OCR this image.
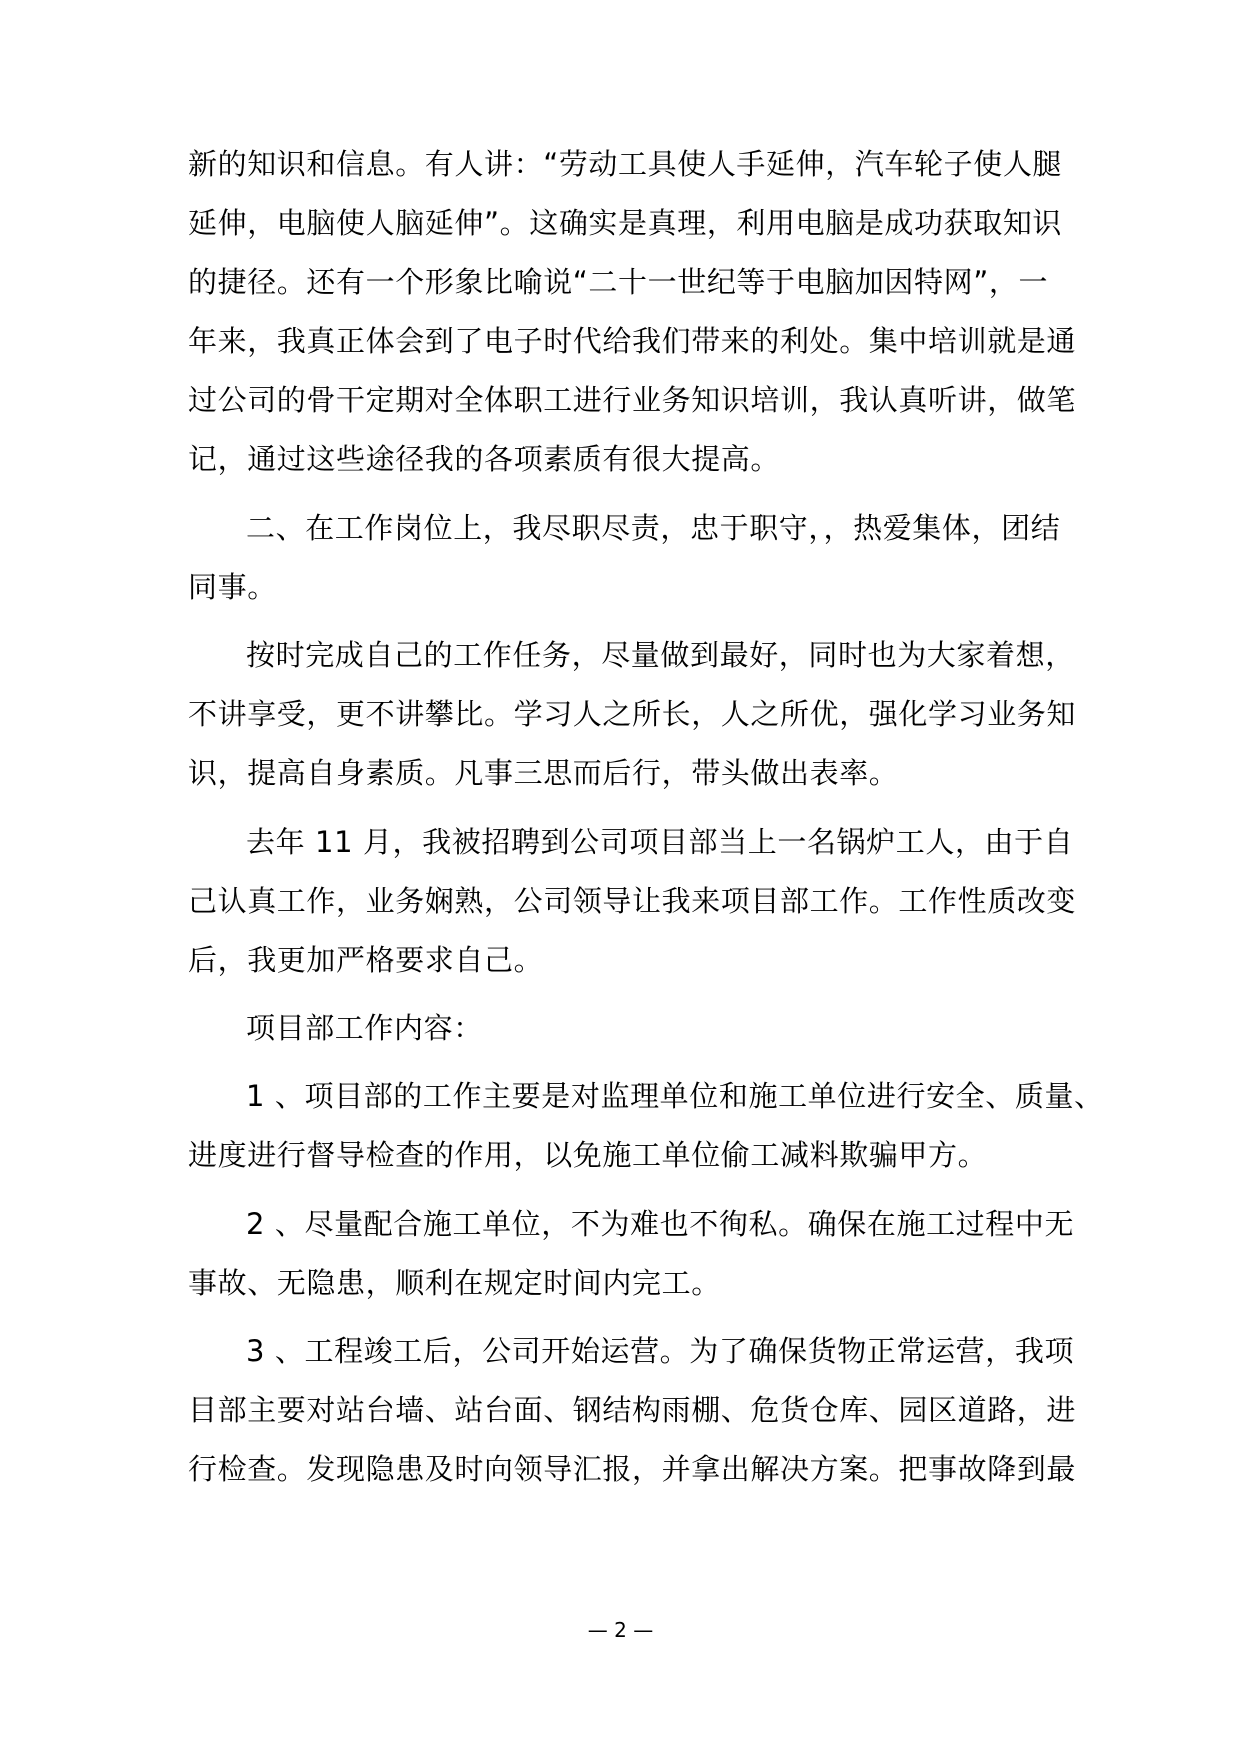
新的知识和信息。有人讲：“劳动工具使人手延伸，汽车轮子使人腿
延伸，电脑使人脑延伸”。这确实是真理，利用电脑是成功获取知识
的捷径。还有一个形象比喻说“二十一世纪等于电脑加因特网”，一
年来，我真正体会到了电子时代给我们带来的利处。集中培训就是通
过公司的骨干定期对全体职工进行业务知识培训，我认真听讲，做笔
记，通过这些途径我的各项素质有很大提高。
二、在工作岗位上，我尽职尽责，忠于职守，，热爱集体，团结
同事。
按时完成自己的工作任务，尽量做到最好，同时也为大家着想，
不讲享受，更不讲攀比。学习人之所长，人之所优，强化学习业务知
识，提高自身素质。凡事三思而后行，带头做出表率。
去年 11 月，我被招聘到公司项目部当上一名锅炉工人，由于自
己认真工作，业务娴熟，公司领导让我来项目部工作。工作性质改变
后，我更加严格要求自己。
项目部工作内容：
1 、项目部的工作主要是对监理单位和施工单位进行安全、质量、
进度进行督导检查的作用，以免施工单位偷工减料欺骗甲方。
2 、尽量配合施工单位，不为难也不徇私。确保在施工过程中无
事故、无隐患，顺利在规定时间内完工。
3 、工程竣工后，公司开始运营。为了确保货物正常运营，我项
目部主要对站台墙、站台面、钢结构雨棚、危货仓库、园区道路，进
行检查。发现隐患及时向领导汇报，并拿出解决方案。把事故降到最
— 2 —
